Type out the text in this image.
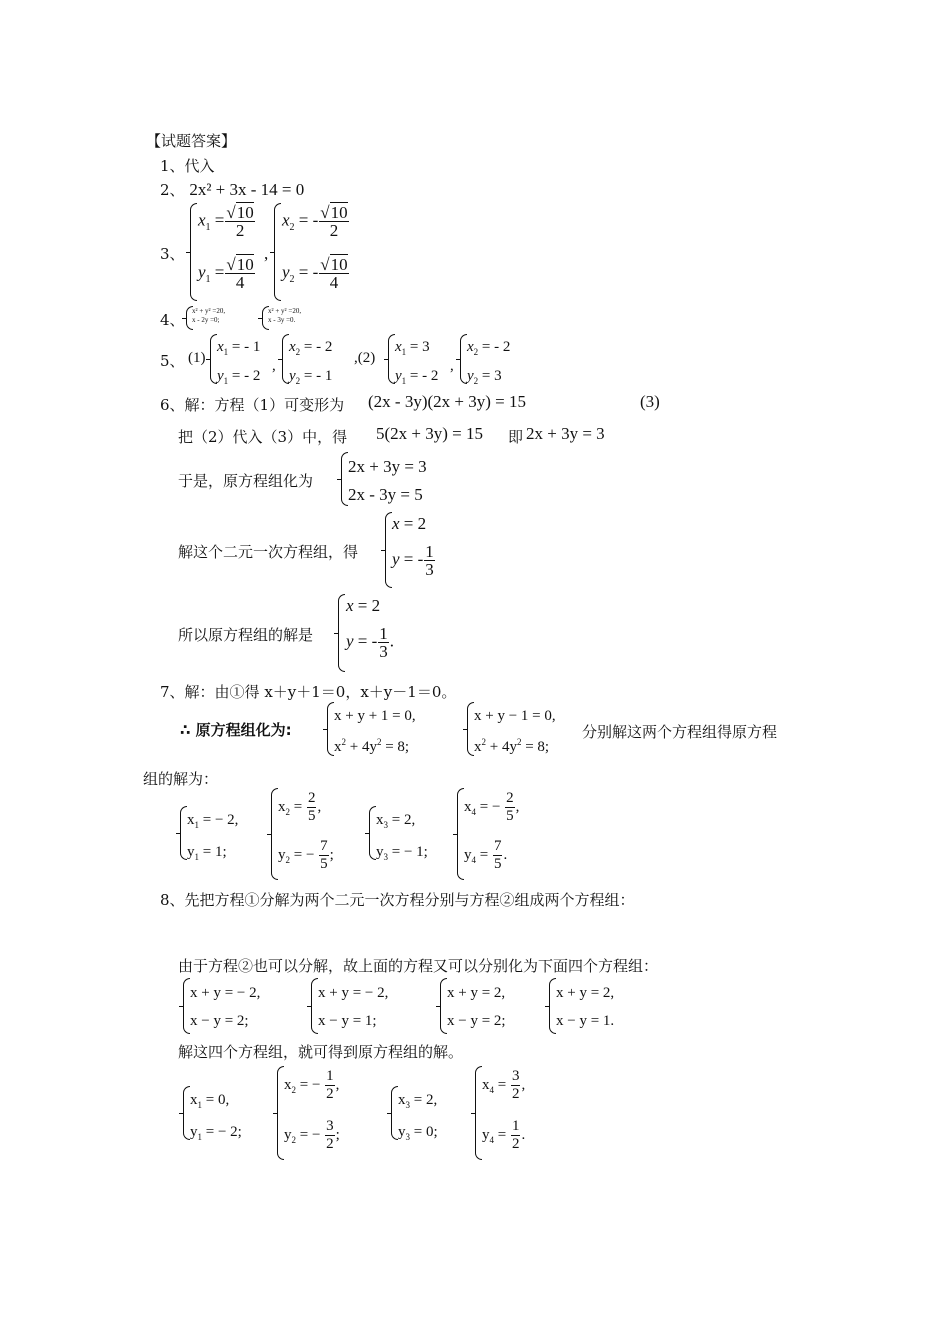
【试题答案】
1、代入
2、 2x² + 3x - 14 = 0
3、
$x_1 = \frac{√10}{2}$
$y_1 = \frac{√10}{4}$
,
$x_2$ = - $\frac{√10}{2}$
$y_2$ = - $\frac{√10}{4}$
4、 x² + y² =20,
x - 2y =0;
x² + y² =20,
x - 3y =0.
5、 (1)
$x_1$ = - 1
$y_1$ = - 2
,
$x_2$ = - 2
$y_2$ = - 1
,(2)
$x_1 = 3$
$y_1$ = - 2
,
$x_2$ = - 2
$y_2 = 3$
6、解：方程（1）可变形为 (2x - 3y)(2x + 3y) = 15	(3)
把（2）代入（3）中，得 5(2x + 3y) = 15 即 2x + 3y = 3
于是，原方程组化为
2x + 3y = 3
2x - 3y = 5
解这个二元一次方程组，得
x = 2
y = - $\frac{1}{3}$
所以原方程组的解是
x = 2
y = - $\frac{1}{3}$ .
7、解：由①得 x＋y＋1＝0，x＋y－1＝0。
∴ 原方程组化为:
x + y + 1 = 0,
$x^2 + 4y^2 = 8$;
x + y − 1 = 0,
$x^2 + 4y^2 = 8$;
分别解这两个方程组得原方程
组的解为：
$x_1$ = − 2,
$y_1 = 1$;
$x_2 = \frac{2}{5}$ ,
$y_2$ = − $\frac{7}{5}$ ;
$x_3 = 2$,
$y_3$ = − 1;
$x_4$ = − $\frac{2}{5}$ ,
$y_4 = \frac{7}{5}$ .
8、先把方程①分解为两个二元一次方程分别与方程②组成两个方程组：
由于方程②也可以分解，故上面的方程又可以分别化为下面四个方程组：
x + y = − 2,
x − y = 2;
x + y = − 2,
x − y = 1;
x + y = 2,
x − y = 2;
x + y = 2,
x − y = 1.
解这四个方程组，就可得到原方程组的解。
$x_1 = 0$,
$y_1$ = − 2;
$x_2$ = − $\frac{1}{2}$ ,
$y_2$ = − $\frac{3}{2}$ ;
$x_3 = 2$,
$y_3 = 0$;
$x_4 = \frac{3}{2}$ ,
$y_4 = \frac{1}{2}$ .
